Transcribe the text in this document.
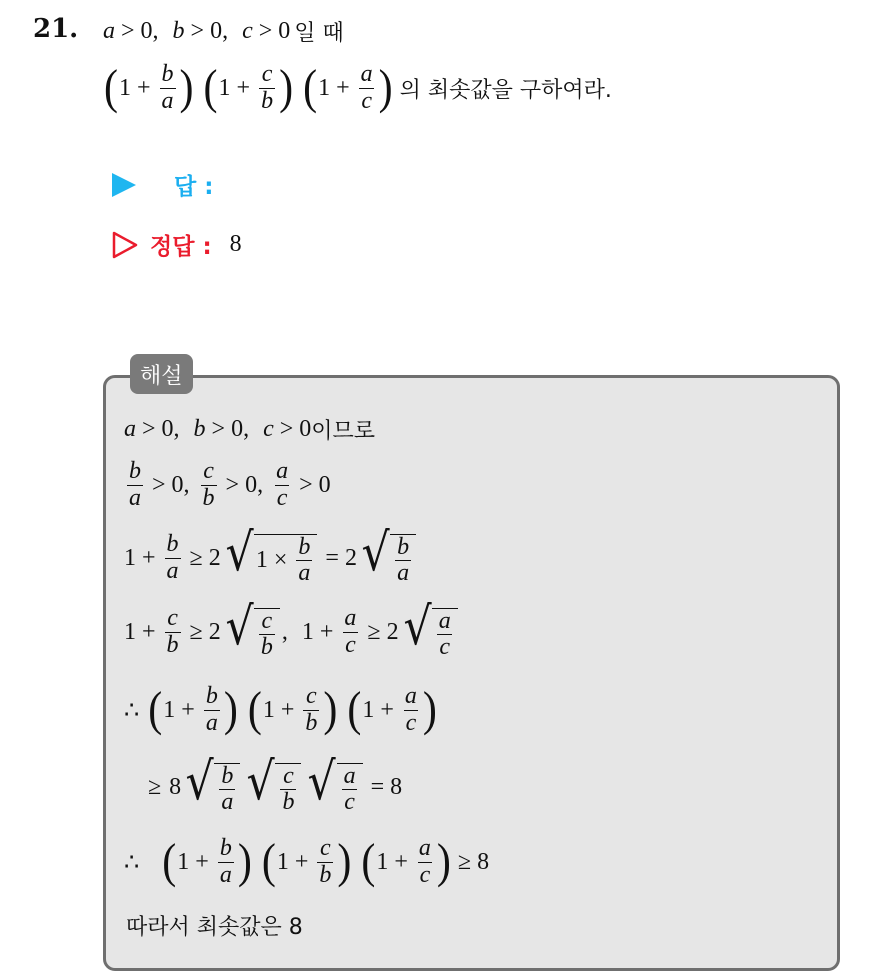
21. a > 0, b > 0, c > 0 일 때
( $1 + \frac{b}{a}$ ) ( $1 + \frac{c}{b}$ ) ( $1 + \frac{a}{c}$ ) 의 최솟값을 구하여라.
답 :
정답 : 8
해설
a > 0, b > 0, c > 0 이므로
$\frac{b}{a} > 0$, $\frac{c}{b} > 0$, $\frac{a}{c} > 0$
$1 + \frac{b}{a} \ge 2$ √ $1 \times \frac{b}{a} = 2$ √ $\frac{b}{a}$
$1 + \frac{c}{b} \ge 2$ √ $\frac{c}{b}$ , $1 + \frac{a}{c} \ge 2$ √ $\frac{a}{c}$
∴ ( $1 + \frac{b}{a}$ ) ( $1 + \frac{c}{b}$ ) ( $1 + \frac{a}{c}$ )
≥ 8 √ $\frac{b}{a}$ √ $\frac{c}{b}$ √ $\frac{a}{c} = 8$
∴ ( $1 + \frac{b}{a}$ ) ( $1 + \frac{c}{b}$ ) ( $1 + \frac{a}{c}$ ) ≥ 8
따라서 최솟값은 8
